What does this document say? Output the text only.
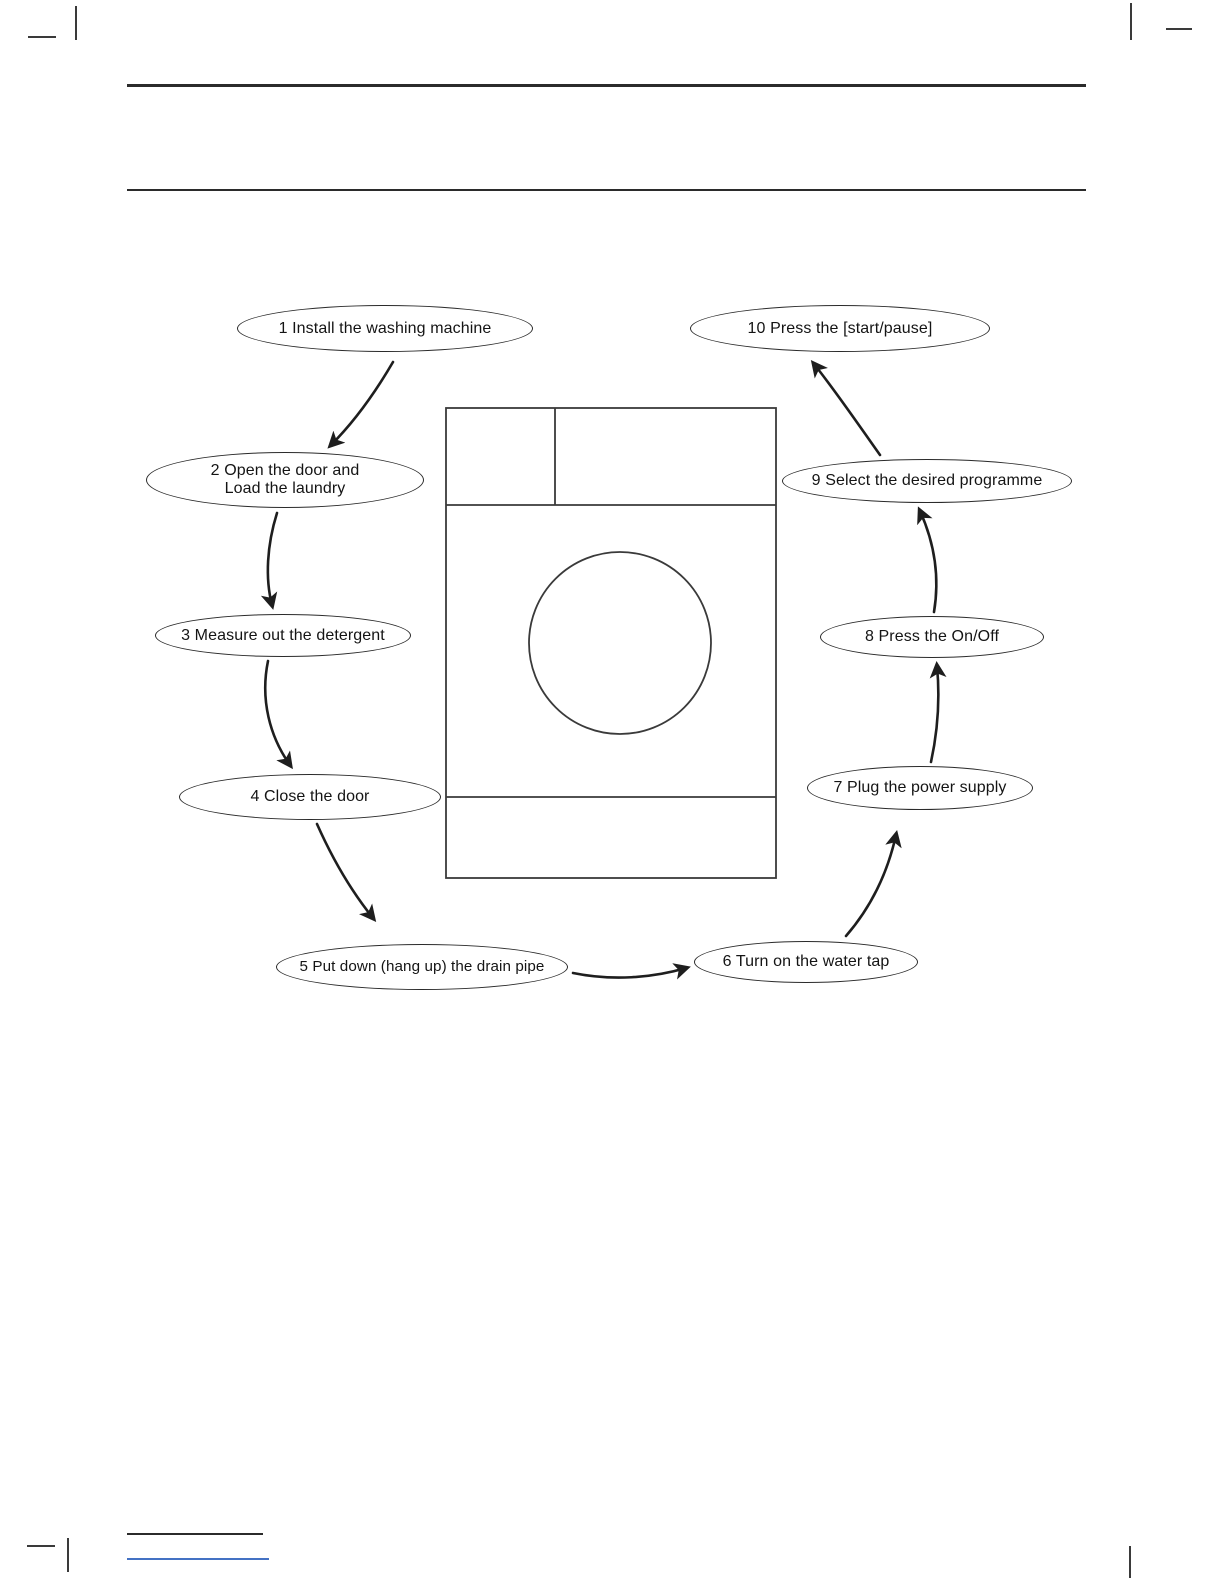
1 Install the washing machine
2 Open the door and
Load the laundry
3 Measure out the detergent
4 Close the door
5 Put down (hang up) the drain pipe	6 Turn on the water tap
7 Plug the power supply
8 Press the On/Off
9 Select the desired programme
10 Press the [start/pause]
